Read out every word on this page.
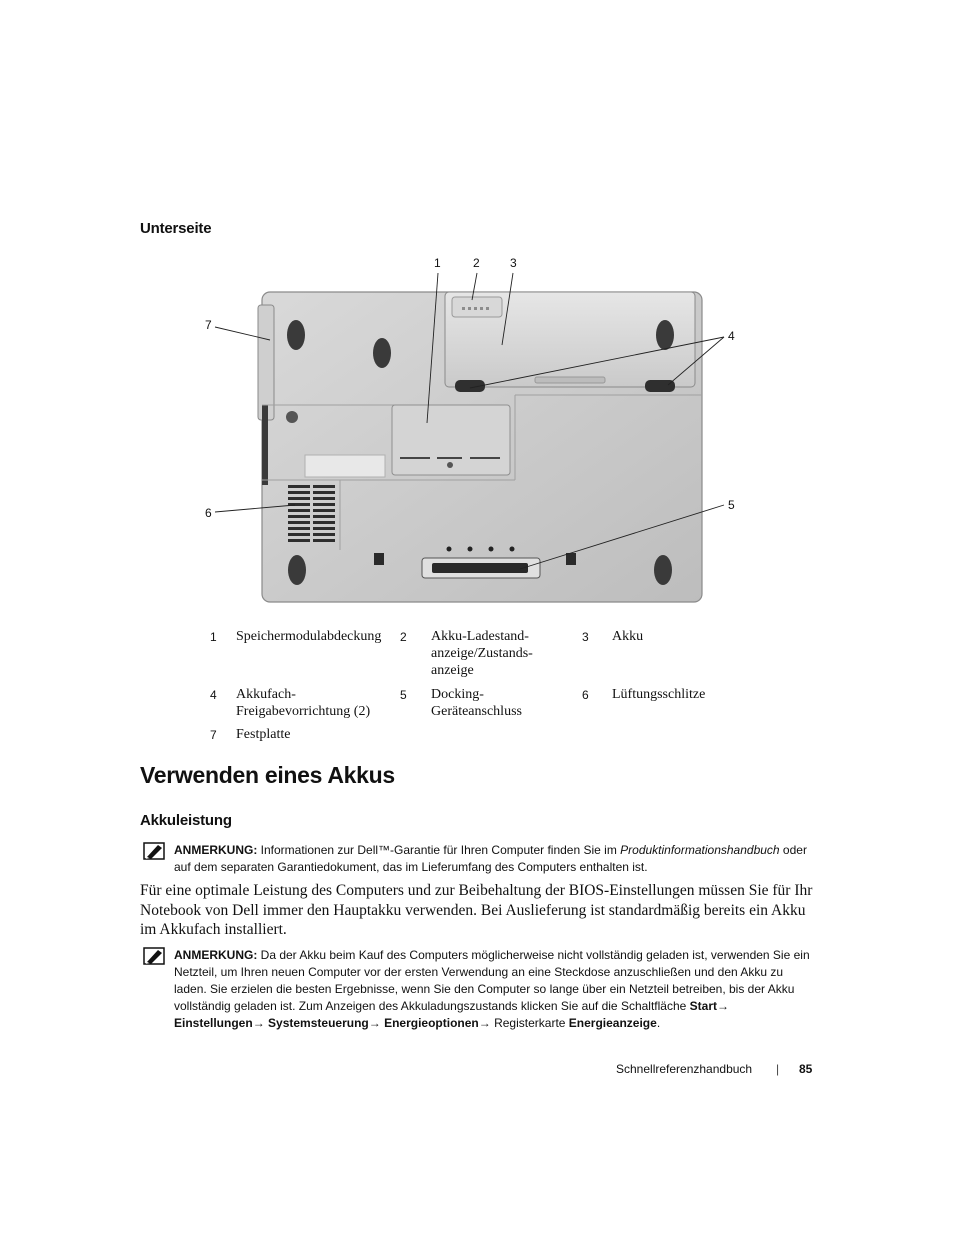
Unterseite
1	2	3
4
5
6
7
1 Speichermodulabdeckung 2 Akku-Ladestand-
anzeige/Zustands-
anzeige
3 Akku
4 Akkufach-
Freigabevorrichtung (2)
5 Docking-
Geräteanschluss
6 Lüftungsschlitze
7 Festplatte
Verwenden eines Akkus
Akkuleistung
ANMERKUNG: Informationen zur Dell™-Garantie für Ihren Computer finden Sie im Produktinformationshandbuch oder auf dem separaten Garantiedokument, das im Lieferumfang des Computers enthalten ist.
Für eine optimale Leistung des Computers und zur Beibehaltung der BIOS-Einstellungen müssen Sie für Ihr Notebook von Dell immer den Hauptakku verwenden. Bei Auslieferung ist standardmäßig bereits ein Akku im Akkufach installiert.
ANMERKUNG: Da der Akku beim Kauf des Computers möglicherweise nicht vollständig geladen ist, verwenden Sie ein Netzteil, um Ihren neuen Computer vor der ersten Verwendung an eine Steckdose anzuschließen und den Akku zu laden. Sie erzielen die besten Ergebnisse, wenn Sie den Computer so lange über ein Netzteil betreiben, bis der Akku vollständig geladen ist. Zum Anzeigen des Akkuladungszustands klicken Sie auf die Schaltfläche Start→ Einstellungen→ Systemsteuerung→ Energieoptionen→ Registerkarte Energieanzeige.
Schnellreferenzhandbuch | 85
